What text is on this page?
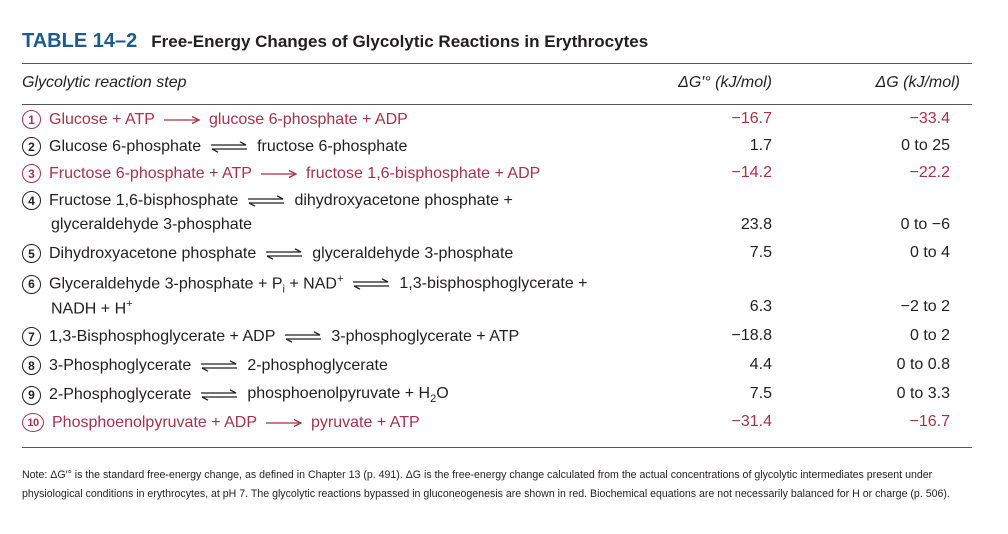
TABLE 14–2 Free-Energy Changes of Glycolytic Reactions in Erythrocytes
Glycolytic reaction step	ΔG′° (kJ/mol)	ΔG (kJ/mol)
1 Glucose + ATP → glucose 6-phosphate + ADP	−16.7	−33.4
2 Glucose 6-phosphate ⇌ fructose 6-phosphate	1.7	0 to 25
3 Fructose 6-phosphate + ATP → fructose 1,6-bisphosphate + ADP	−14.2	−22.2
4 Fructose 1,6-bisphosphate ⇌ dihydroxyacetone phosphate +
glyceraldehyde 3-phosphate	23.8	0 to −6
5 Dihydroxyacetone phosphate ⇌ glyceraldehyde 3-phosphate	7.5	0 to 4
6 Glyceraldehyde 3-phosphate + $P_i + NAD^+$ ⇌ 1,3-bisphosphoglycerate +
NADH + H+	6.3	−2 to 2
7 1,3-Bisphosphoglycerate + ADP ⇌ 3-phosphoglycerate + ATP	−18.8	0 to 2
8 3-Phosphoglycerate ⇌ 2-phosphoglycerate	4.4	0 to 0.8
9 2-Phosphoglycerate ⇌ phosphoenolpyruvate + $H_2O$	7.5	0 to 3.3
10 Phosphoenolpyruvate + ADP → pyruvate + ATP	−31.4	−16.7
Note: ΔG′° is the standard free-energy change, as defined in Chapter 13 (p. 491). ΔG is the free-energy change calculated from the actual concentrations of glycolytic intermediates present under physiological conditions in erythrocytes, at pH 7. The glycolytic reactions bypassed in gluconeogenesis are shown in red. Biochemical equations are not necessarily balanced for H or charge (p. 506).
